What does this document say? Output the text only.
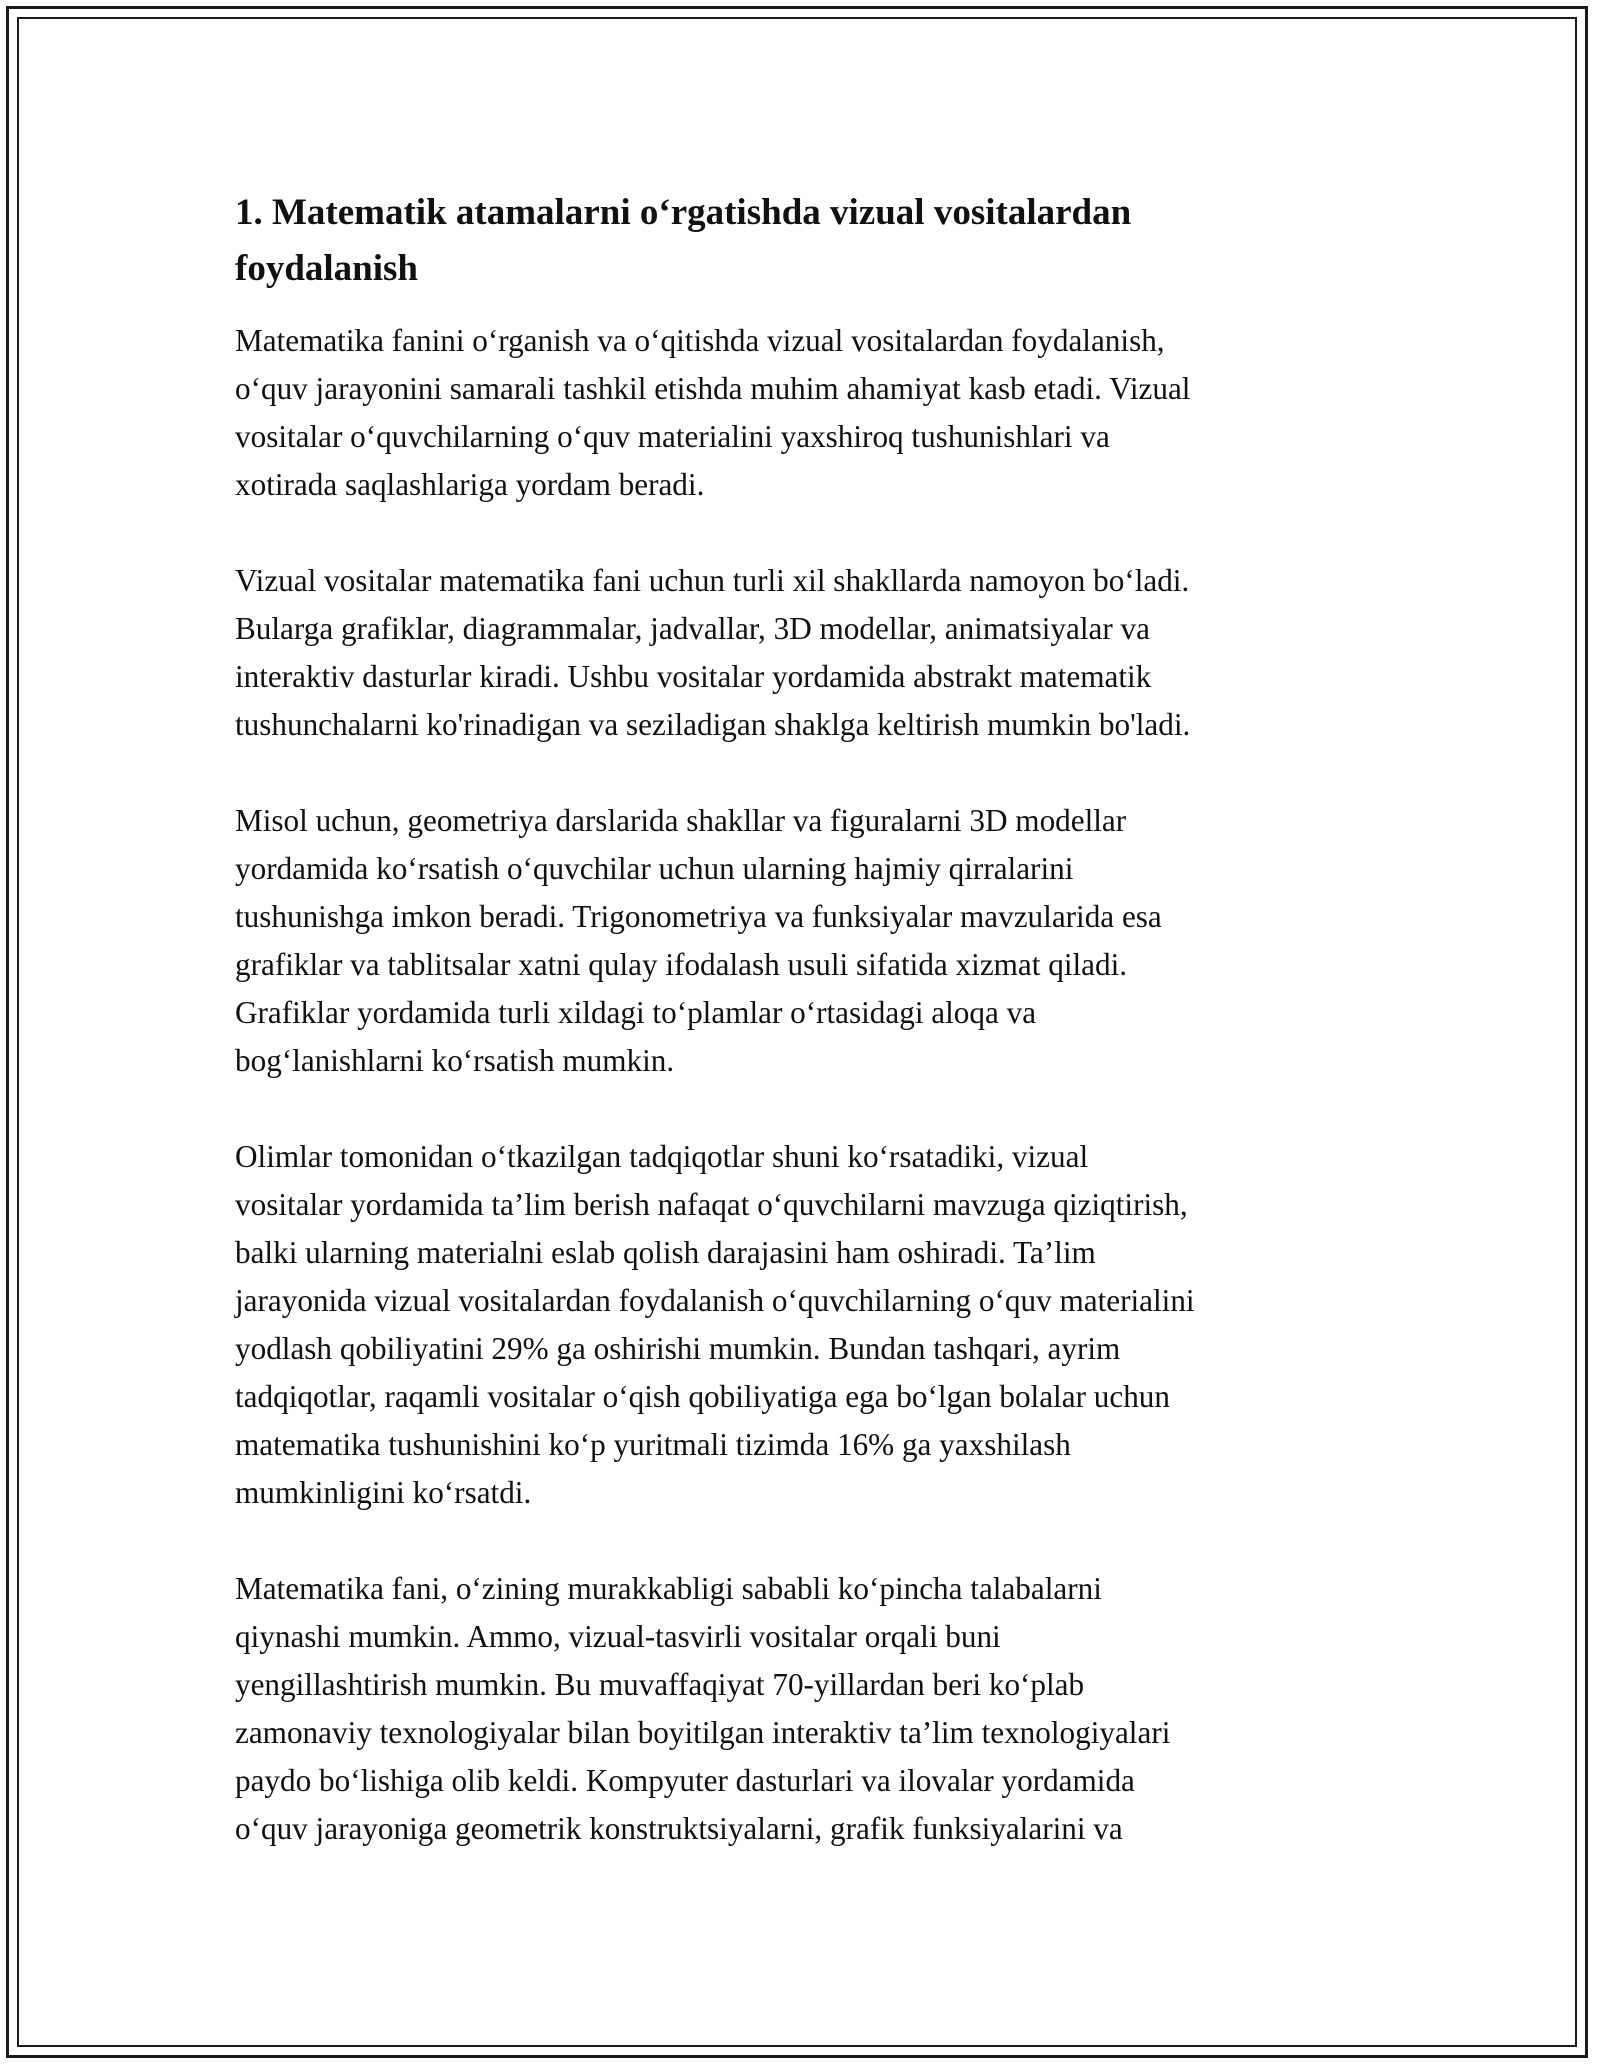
1. Matematik atamalarni o‘rgatishda vizual vositalardan
foydalanish

Matematika fanini o‘rganish va o‘qitishda vizual vositalardan foydalanish,
o‘quv jarayonini samarali tashkil etishda muhim ahamiyat kasb etadi. Vizual
vositalar o‘quvchilarning o‘quv materialini yaxshiroq tushunishlari va
xotirada saqlashlariga yordam beradi.

Vizual vositalar matematika fani uchun turli xil shakllarda namoyon bo‘ladi.
Bularga grafiklar, diagrammalar, jadvallar, 3D modellar, animatsiyalar va
interaktiv dasturlar kiradi. Ushbu vositalar yordamida abstrakt matematik
tushunchalarni ko'rinadigan va seziladigan shaklga keltirish mumkin bo'ladi.

Misol uchun, geometriya darslarida shakllar va figuralarni 3D modellar
yordamida ko‘rsatish o‘quvchilar uchun ularning hajmiy qirralarini
tushunishga imkon beradi. Trigonometriya va funksiyalar mavzularida esa
grafiklar va tablitsalar xatni qulay ifodalash usuli sifatida xizmat qiladi.
Grafiklar yordamida turli xildagi to‘plamlar o‘rtasidagi aloqa va
bog‘lanishlarni ko‘rsatish mumkin.

Olimlar tomonidan o‘tkazilgan tadqiqotlar shuni ko‘rsatadiki, vizual
vositalar yordamida ta’lim berish nafaqat o‘quvchilarni mavzuga qiziqtirish,
balki ularning materialni eslab qolish darajasini ham oshiradi. Ta’lim
jarayonida vizual vositalardan foydalanish o‘quvchilarning o‘quv materialini
yodlash qobiliyatini 29% ga oshirishi mumkin. Bundan tashqari, ayrim
tadqiqotlar, raqamli vositalar o‘qish qobiliyatiga ega bo‘lgan bolalar uchun
matematika tushunishini ko‘p yuritmali tizimda 16% ga yaxshilash
mumkinligini ko‘rsatdi.

Matematika fani, o‘zining murakkabligi sababli ko‘pincha talabalarni
qiynashi mumkin. Ammo, vizual-tasvirli vositalar orqali buni
yengillashtirish mumkin. Bu muvaffaqiyat 70-yillardan beri ko‘plab
zamonaviy texnologiyalar bilan boyitilgan interaktiv ta’lim texnologiyalari
paydo bo‘lishiga olib keldi. Kompyuter dasturlari va ilovalar yordamida
o‘quv jarayoniga geometrik konstruktsiyalarni, grafik funksiyalarini va
